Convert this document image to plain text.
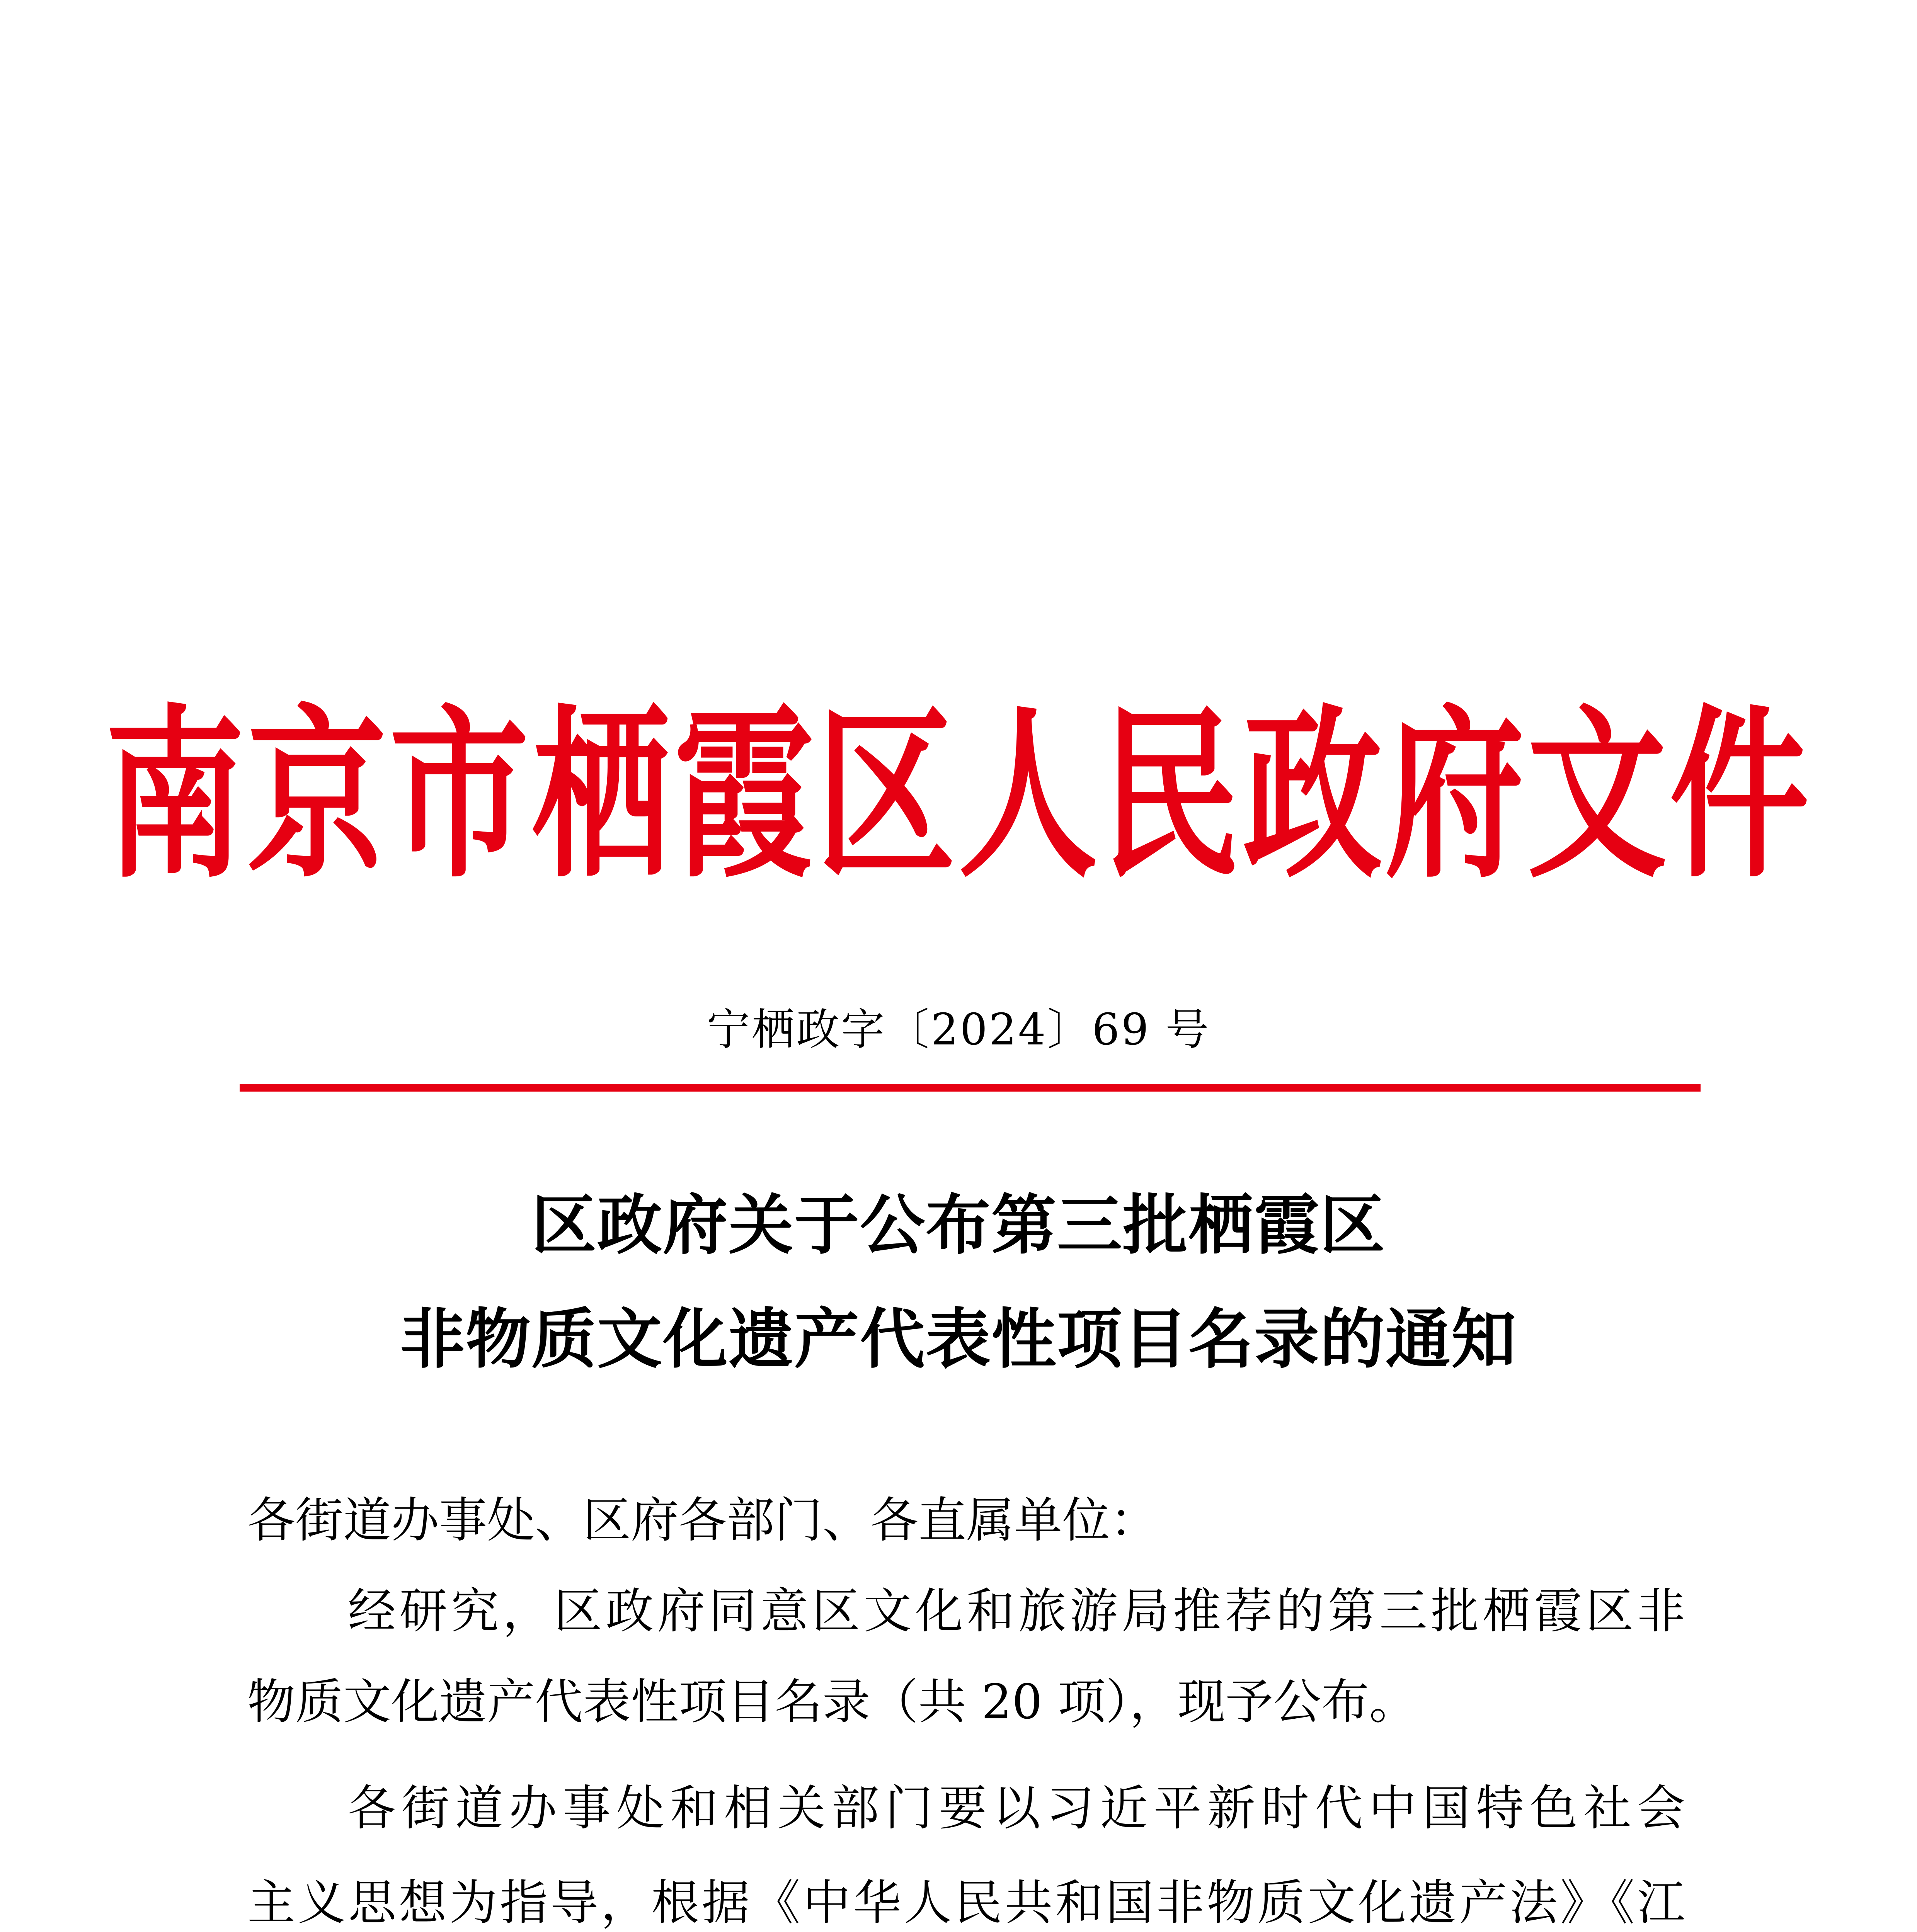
南京市栖霞区人民政府文件
宁栖政字〔2024〕69 号
区政府关于公布第三批栖霞区
非物质文化遗产代表性项目名录的通知
各街道办事处、区府各部门、各直属单位：
经研究，区政府同意区文化和旅游局推荐的第三批栖霞区非
物质文化遗产代表性项目名录（共 20 项），现予公布。
各街道办事处和相关部门要以习近平新时代中国特色社会
主义思想为指导，根据《中华人民共和国非物质文化遗产法》《江
